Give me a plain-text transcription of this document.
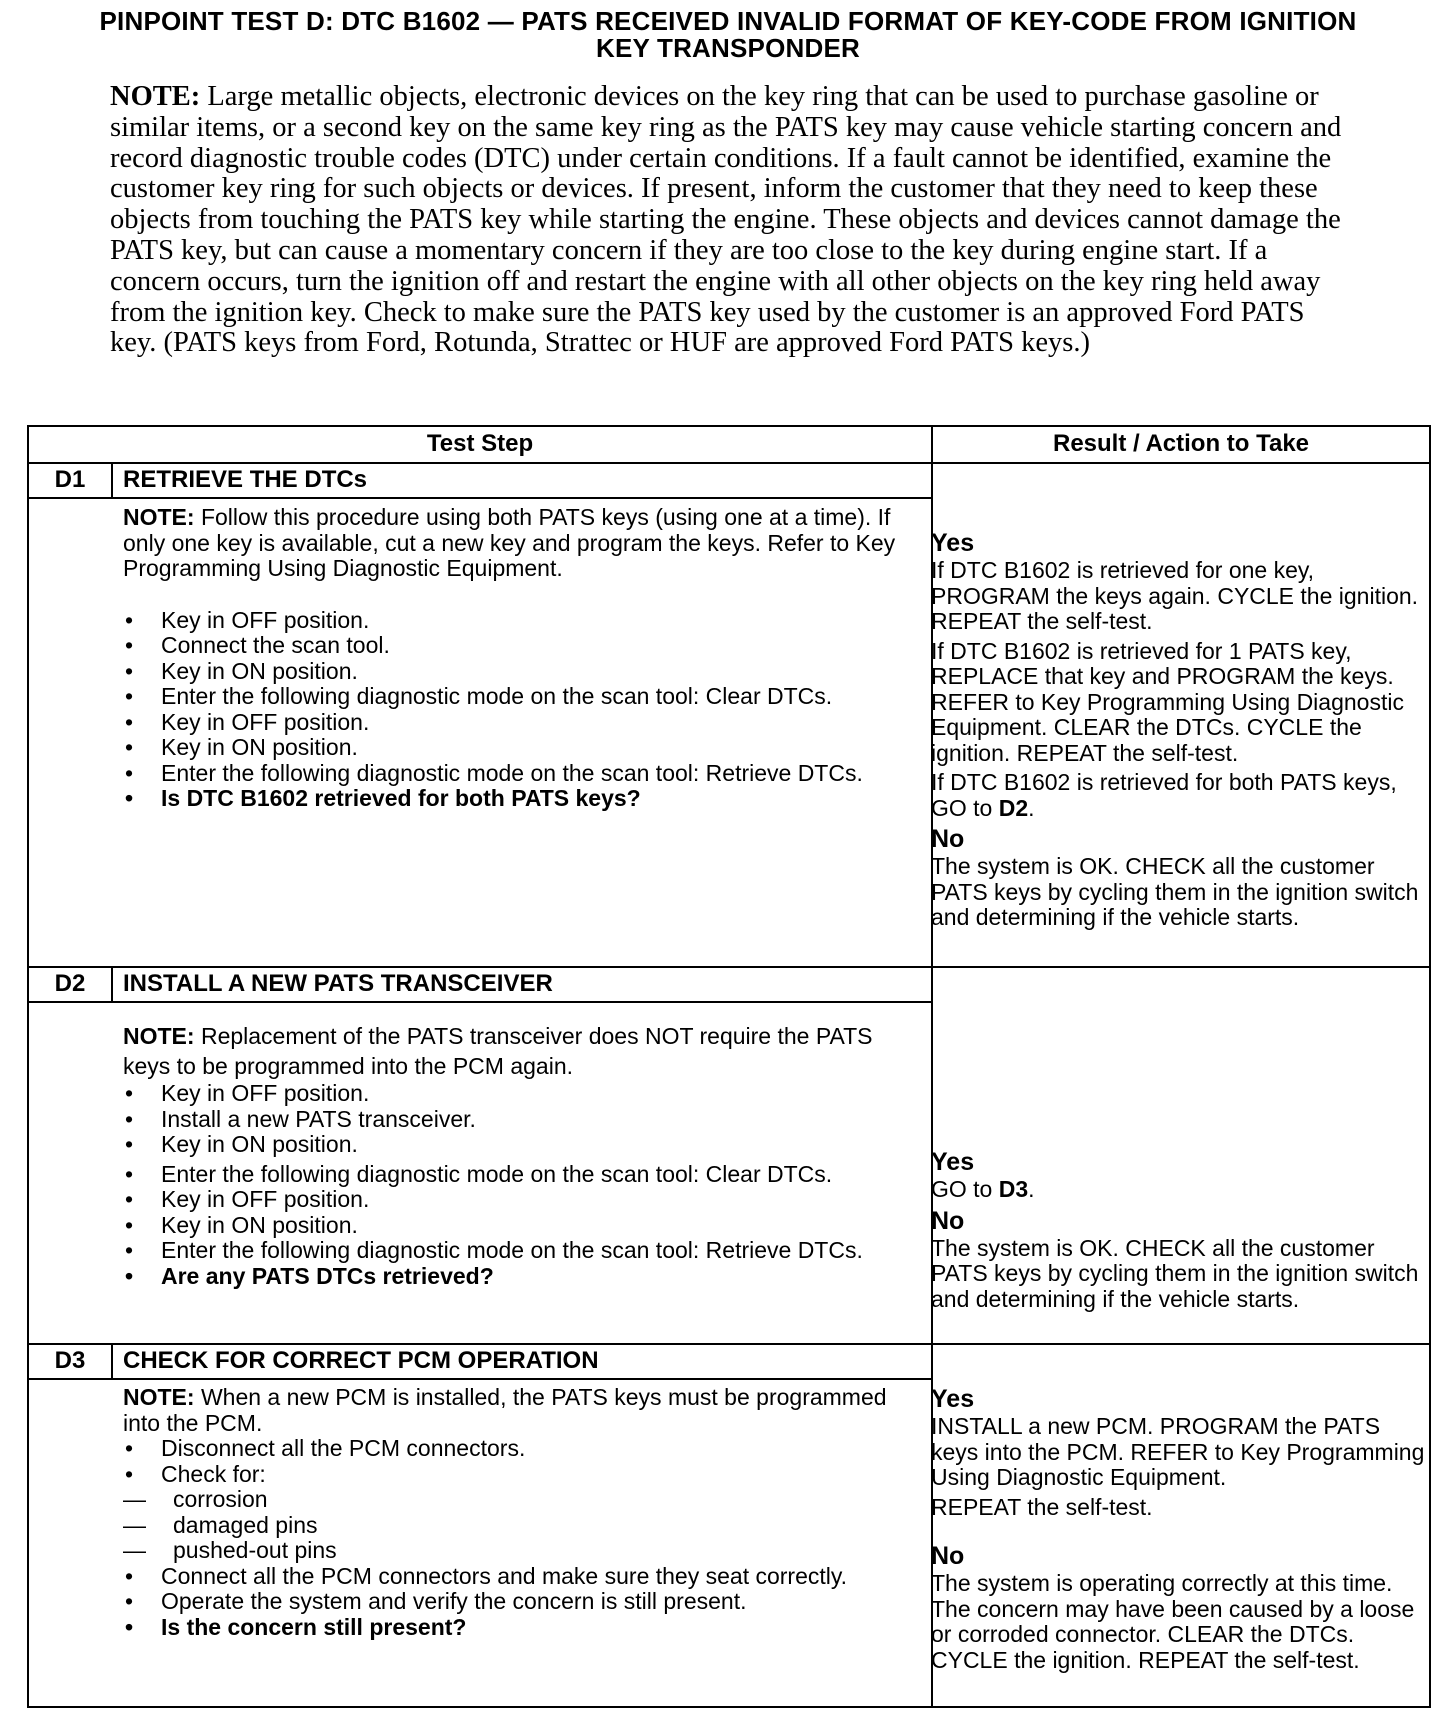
PINPOINT TEST D: DTC B1602 — PATS RECEIVED INVALID FORMAT OF KEY-CODE FROM IGNITION
KEY TRANSPONDER
NOTE: Large metallic objects, electronic devices on the key ring that can be used to purchase gasoline or similar items, or a second key on the same key ring as the PATS key may cause vehicle starting concern and record diagnostic trouble codes (DTC) under certain conditions. If a fault cannot be identified, examine the customer key ring for such objects or devices. If present, inform the customer that they need to keep these objects from touching the PATS key while starting the engine. These objects and devices cannot damage the PATS key, but can cause a momentary concern if they are too close to the key during engine start. If a concern occurs, turn the ignition off and restart the engine with all other objects on the key ring held away from the ignition key. Check to make sure the PATS key used by the customer is an approved Ford PATS key. (PATS keys from Ford, Rotunda, Strattec or HUF are approved Ford PATS keys.)
Test Step	Result / Action to Take
D1	RETRIEVE THE DTCs
NOTE: Follow this procedure using both PATS keys (using one at a time). If only one key is available, cut a new key and program the keys. Refer to Key Programming Using Diagnostic Equipment.
• Key in OFF position.
• Connect the scan tool.
• Key in ON position.
• Enter the following diagnostic mode on the scan tool: Clear DTCs.
• Key in OFF position.
• Key in ON position.
• Enter the following diagnostic mode on the scan tool: Retrieve DTCs.
• Is DTC B1602 retrieved for both PATS keys?
Yes

If DTC B1602 is retrieved for one key, PROGRAM the keys again. CYCLE the ignition. REPEAT the self-test.

If DTC B1602 is retrieved for 1 PATS key, REPLACE that key and PROGRAM the keys. REFER to Key Programming Using Diagnostic Equipment. CLEAR the DTCs. CYCLE the ignition. REPEAT the self-test.

If DTC B1602 is retrieved for both PATS keys, GO to D2.

No

The system is OK. CHECK all the customer PATS keys by cycling them in the ignition switch and determining if the vehicle starts.

D2	INSTALL A NEW PATS TRANSCEIVER
NOTE: Replacement of the PATS transceiver does NOT require the PATS keys to be programmed into the PCM again.
• Key in OFF position.
• Install a new PATS transceiver.
• Key in ON position.
• Enter the following diagnostic mode on the scan tool: Clear DTCs.
• Key in OFF position.
• Key in ON position.
• Enter the following diagnostic mode on the scan tool: Retrieve DTCs.
• Are any PATS DTCs retrieved?
Yes

GO to D3.

No

The system is OK. CHECK all the customer PATS keys by cycling them in the ignition switch and determining if the vehicle starts.

D3	CHECK FOR CORRECT PCM OPERATION
NOTE: When a new PCM is installed, the PATS keys must be programmed into the PCM.
• Disconnect all the PCM connectors.
• Check for:
— corrosion
— damaged pins
— pushed-out pins
• Connect all the PCM connectors and make sure they seat correctly.
• Operate the system and verify the concern is still present.
• Is the concern still present?
Yes

INSTALL a new PCM. PROGRAM the PATS keys into the PCM. REFER to Key Programming Using Diagnostic Equipment.

REPEAT the self-test.

No

The system is operating correctly at this time. The concern may have been caused by a loose or corroded connector. CLEAR the DTCs. CYCLE the ignition. REPEAT the self-test.
